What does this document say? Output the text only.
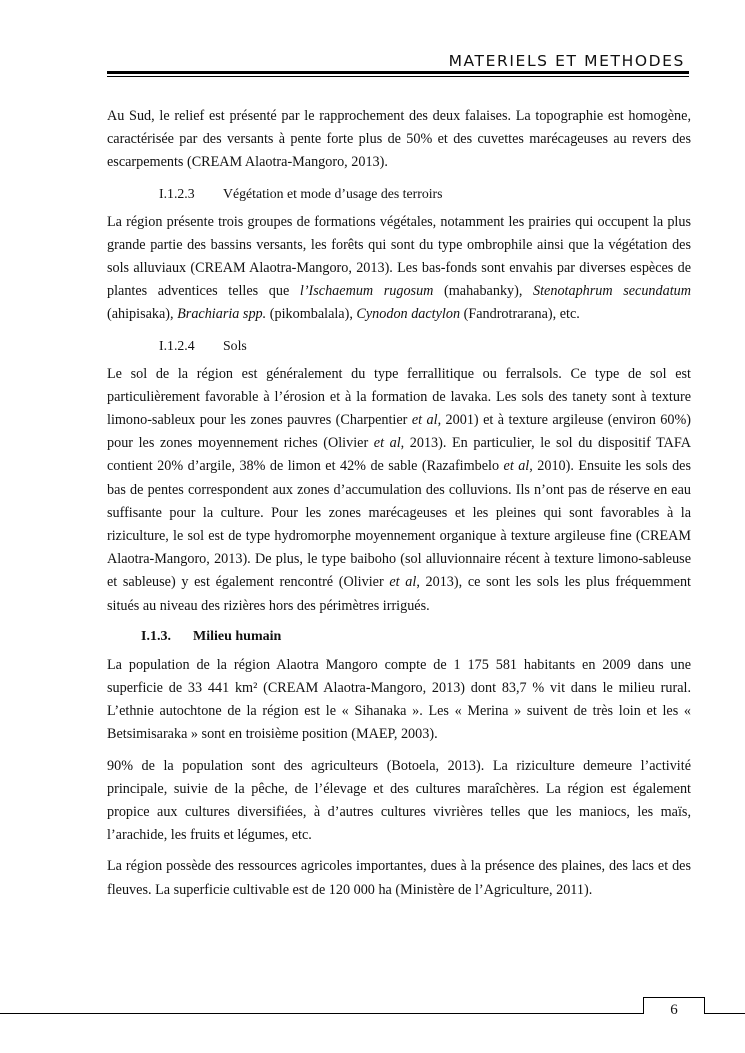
MATERIELS ET METHODES

Au Sud, le relief est présenté par le rapprochement des deux falaises. La topographie est homogène, caractérisée par des versants à pente forte plus de 50% et des cuvettes marécageuses au revers des escarpements (CREAM Alaotra-Mangoro, 2013).

I.1.2.3 Végétation et mode d’usage des terroirs

La région présente trois groupes de formations végétales, notamment les prairies qui occupent la plus grande partie des bassins versants, les forêts qui sont du type ombrophile ainsi que la végétation des sols alluviaux (CREAM Alaotra-Mangoro, 2013). Les bas-fonds sont envahis par diverses espèces de plantes adventices telles que l’Ischaemum rugosum (mahabanky), Stenotaphrum secundatum (ahipisaka), Brachiaria spp. (pikombalala), Cynodon dactylon (Fandrotrarana), etc.

I.1.2.4 Sols

Le sol de la région est généralement du type ferrallitique ou ferralsols. Ce type de sol est particulièrement favorable à l’érosion et à la formation de lavaka. Les sols des tanety sont à texture limono-sableux pour les zones pauvres (Charpentier et al, 2001) et à texture argileuse (environ 60%) pour les zones moyennement riches (Olivier et al, 2013). En particulier, le sol du dispositif TAFA contient 20% d’argile, 38% de limon et 42% de sable (Razafimbelo et al, 2010). Ensuite les sols des bas de pentes correspondent aux zones d’accumulation des colluvions. Ils n’ont pas de réserve en eau suffisante pour la culture. Pour les zones marécageuses et les pleines qui sont favorables à la riziculture, le sol est de type hydromorphe moyennement organique à texture argileuse fine (CREAM Alaotra-Mangoro, 2013). De plus, le type baiboho (sol alluvionnaire récent à texture limono-sableuse et sableuse) y est également rencontré (Olivier et al, 2013), ce sont les sols les plus fréquemment situés au niveau des rizières hors des périmètres irrigués.

I.1.3. Milieu humain

La population de la région Alaotra Mangoro compte de 1 175 581 habitants en 2009 dans une superficie de 33 441 km² (CREAM Alaotra-Mangoro, 2013) dont 83,7 % vit dans le milieu rural. L’ethnie autochtone de la région est le « Sihanaka ». Les « Merina » suivent de très loin et les « Betsimisaraka » sont en troisième position (MAEP, 2003).

90% de la population sont des agriculteurs (Botoela, 2013). La riziculture demeure l’activité principale, suivie de la pêche, de l’élevage et des cultures maraîchères. La région est également propice aux cultures diversifiées, à d’autres cultures vivrières telles que les maniocs, les maïs, l’arachide, les fruits et légumes, etc.

La région possède des ressources agricoles importantes, dues à la présence des plaines, des lacs et des fleuves. La superficie cultivable est de 120 000 ha (Ministère de l’Agriculture, 2011).

6
